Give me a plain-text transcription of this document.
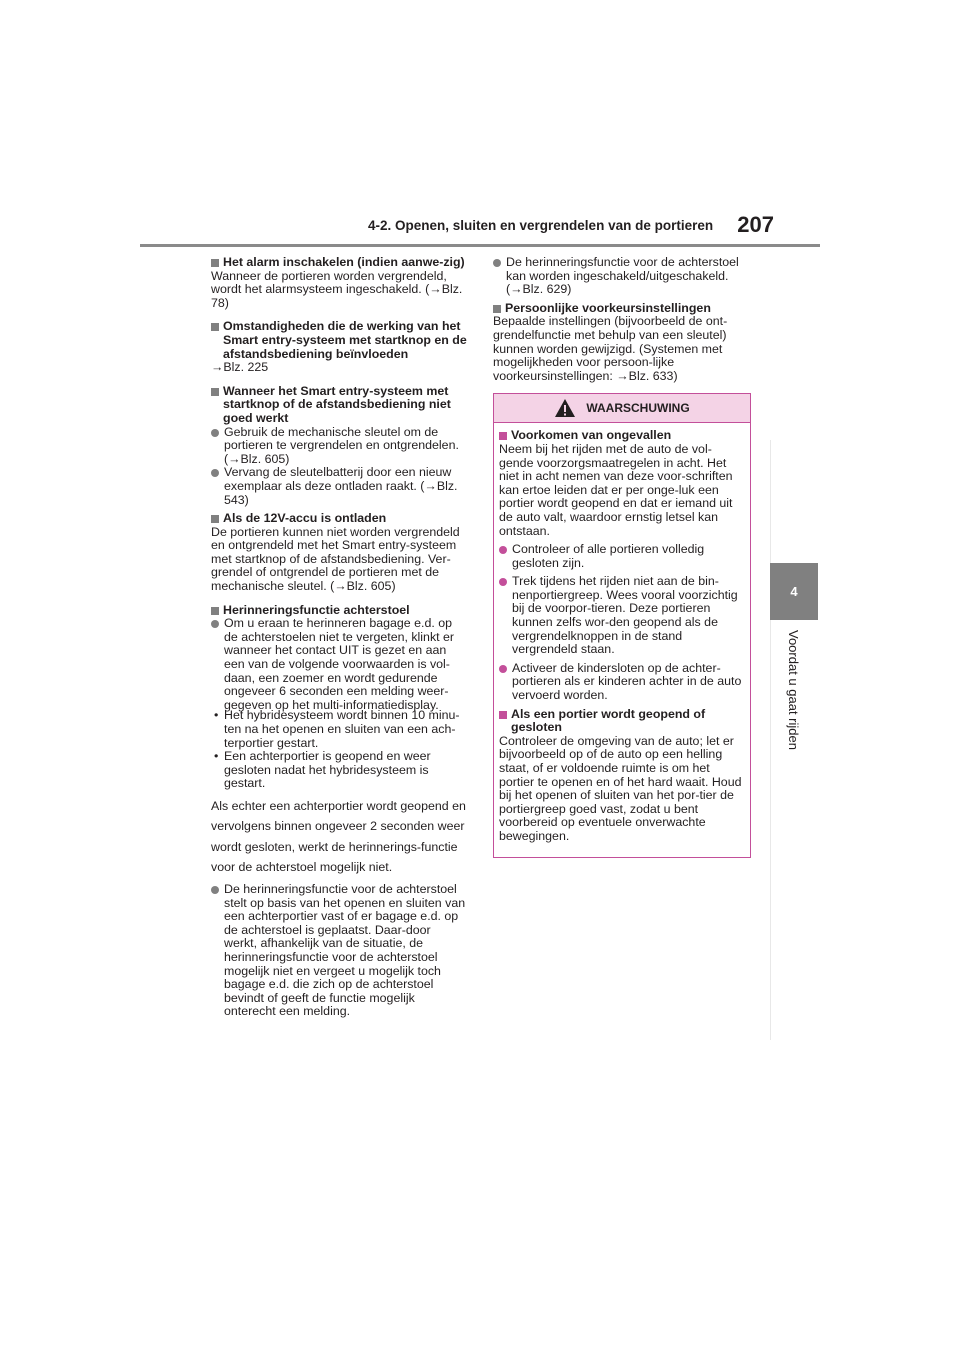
4-2. Openen, sluiten en vergrendelen van de portieren	207
4
Voordat u gaat rijden

Het alarm inschakelen (indien aanwe-zig)

Wanneer de portieren worden vergrendeld, wordt het alarmsysteem ingeschakeld. (→Blz. 78)

Omstandigheden die de werking van het Smart entry-systeem met startknop en de afstandsbediening beïnvloeden

→Blz. 225

Wanneer het Smart entry-systeem met startknop of de afstandsbediening niet goed werkt

Gebruik de mechanische sleutel om de portieren te vergrendelen en ontgrendelen. (→Blz. 605)

Vervang de sleutelbatterij door een nieuw exemplaar als deze ontladen raakt. (→Blz. 543)

Als de 12V-accu is ontladen

De portieren kunnen niet worden vergrendeld en ontgrendeld met het Smart entry-systeem met startknop of de afstandsbediening. Ver-grendel of ontgrendel de portieren met de mechanische sleutel. (→Blz. 605)

Herinneringsfunctie achterstoel

Om u eraan te herinneren bagage e.d. op de achterstoelen niet te vergeten, klinkt er wanneer het contact UIT is gezet en aan een van de volgende voorwaarden is vol-daan, een zoemer en wordt gedurende ongeveer 6 seconden een melding weer-gegeven op het multi-informatiedisplay.

• Het hybridesysteem wordt binnen 10 minu-ten na het openen en sluiten van een ach-terportier gestart.
• Een achterportier is geopend en weer gesloten nadat het hybridesysteem is gestart.

Als echter een achterportier wordt geopend en vervolgens binnen ongeveer 2 seconden weer wordt gesloten, werkt de herinnerings-functie voor de achterstoel mogelijk niet.

De herinneringsfunctie voor de achterstoel stelt op basis van het openen en sluiten van een achterportier vast of er bagage e.d. op de achterstoel is geplaatst. Daar-door werkt, afhankelijk van de situatie, de herinneringsfunctie voor de achterstoel mogelijk niet en vergeet u mogelijk toch bagage e.d. die zich op de achterstoel bevindt of geeft de functie mogelijk onterecht een melding.

De herinneringsfunctie voor de achterstoel kan worden ingeschakeld/uitgeschakeld. (→Blz. 629)

Persoonlijke voorkeursinstellingen

Bepaalde instellingen (bijvoorbeeld de ont-grendelfunctie met behulp van een sleutel) kunnen worden gewijzigd. (Systemen met mogelijkheden voor persoon-lijke voorkeursinstellingen: →Blz. 633)

WAARSCHUWING

Voorkomen van ongevallen

Neem bij het rijden met de auto de vol-gende voorzorgsmaatregelen in acht. Het niet in acht nemen van deze voor-schriften kan ertoe leiden dat er per onge-luk een portier wordt geopend en dat er iemand uit de auto valt, waardoor ernstig letsel kan ontstaan.

Controleer of alle portieren volledig gesloten zijn.

Trek tijdens het rijden niet aan de bin-nenportiergreep. Wees vooral voorzichtig bij de voorpor-tieren. Deze portieren kunnen zelfs wor-den geopend als de vergrendelknoppen in de stand vergrendeld staan.

Activeer de kindersloten op de achter-portieren als er kinderen achter in de auto vervoerd worden.

Als een portier wordt geopend of gesloten

Controleer de omgeving van de auto; let er bijvoorbeeld op of de auto op een helling staat, of er voldoende ruimte is om het portier te openen en of het hard waait. Houd bij het openen of sluiten van het por-tier de portiergreep goed vast, zodat u bent voorbereid op eventuele onverwachte bewegingen.
